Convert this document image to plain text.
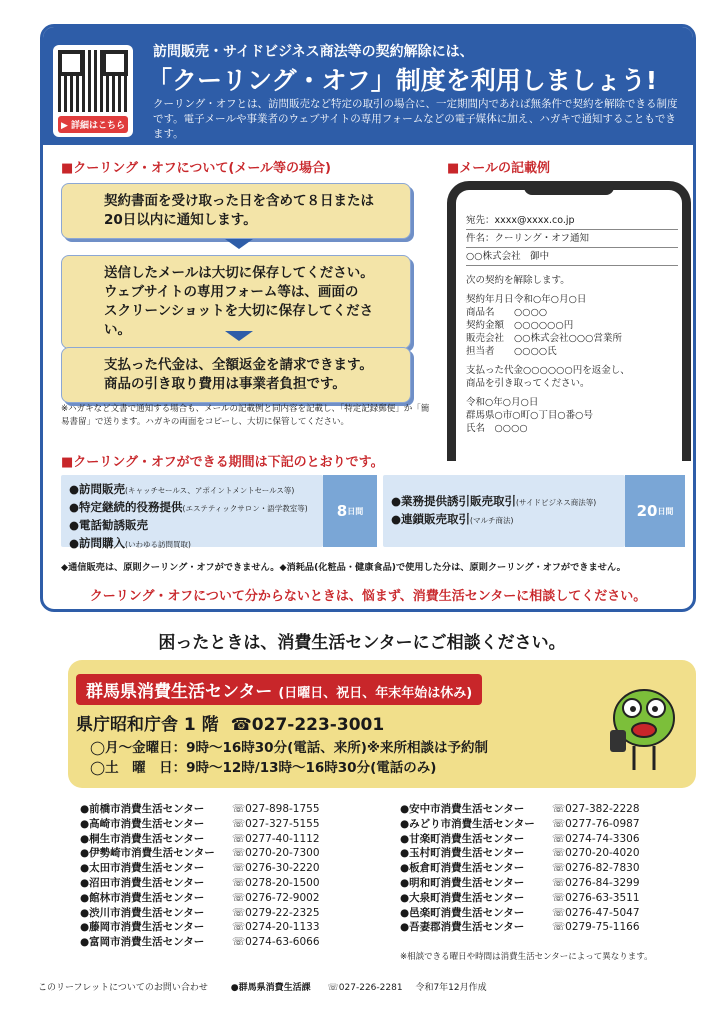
▶ 詳細はこちら
訪問販売・サイドビジネス商法等の契約解除には、
「クーリング・オフ」制度を利用しましょう!
クーリング・オフとは、訪問販売など特定の取引の場合に、一定期間内であれば無条件で契約を解除できる制度です。電子メールや事業者のウェブサイトの専用フォームなどの電子媒体に加え、ハガキで通知することもできます。
■クーリング・オフについて(メール等の場合)
契約書面を受け取った日を含めて８日または
20日以内に通知します。
送信したメールは大切に保存してください。
ウェブサイトの専用フォーム等は、画面の
スクリーンショットを大切に保存してください。
支払った代金は、全額返金を請求できます。
商品の引き取り費用は事業者負担です。
※ハガキなど文書で通知する場合も、メールの記載例と同内容を記載し、「特定記録郵便」か「簡易書留」で送ります。ハガキの両面をコピーし、大切に保管してください。
■メールの記載例
宛先：xxxx@xxxx.co.jp
件名：クーリング・オフ通知
○○株式会社　御中
次の契約を解除します。
契約年月日 令和○年○月○日
商品名	○○○○
契約金額	○○○○○○円
販売会社	○○株式会社○○○営業所
担当者	○○○○氏
支払った代金○○○○○○円を返金し、
商品を引き取ってください。
令和○年○月○日
群馬県○市○町○丁目○番○号
氏名　○○○○
■クーリング・オフができる期間は下記のとおりです。
●訪問販売(キャッチセールス、アポイントメントセールス等)
●特定継続的役務提供(エステティックサロン・語学教室等)
●電話勧誘販売
●訪問購入(いわゆる訪問買取)
8 日間
●業務提供誘引販売取引(サイドビジネス商法等)
●連鎖販売取引(マルチ商法)
20 日間
◆通信販売は、原則クーリング・オフができません。◆消耗品(化粧品・健康食品)で使用した分は、原則クーリング・オフができません。
クーリング・オフについて分からないときは、悩まず、消費生活センターに相談してください。
困ったときは、消費生活センターにご相談ください。
群馬県消費生活センター (日曜日、祝日、年末年始は休み)
県庁昭和庁舎 1 階 ☎027-223-3001
◯月～金曜日：9時～16時30分(電話、来所)※来所相談は予約制
◯土　曜　日：9時～12時/13時～16時30分(電話のみ)
●前橋市消費生活センター	☏ 027-898-1755
●高崎市消費生活センター	☏ 027-327-5155
●桐生市消費生活センター	☏ 0277-40-1112
●伊勢崎市消費生活センター	☏ 0270-20-7300
●太田市消費生活センター	☏ 0276-30-2220
●沼田市消費生活センター	☏ 0278-20-1500
●館林市消費生活センター	☏ 0276-72-9002
●渋川市消費生活センター	☏ 0279-22-2325
●藤岡市消費生活センター	☏ 0274-20-1133
●富岡市消費生活センター	☏ 0274-63-6066
●安中市消費生活センター	☏ 027-382-2228
●みどり市消費生活センター	☏ 0277-76-0987
●甘楽町消費生活センター	☏ 0274-74-3306
●玉村町消費生活センター	☏ 0270-20-4020
●板倉町消費生活センター	☏ 0276-82-7830
●明和町消費生活センター	☏ 0276-84-3299
●大泉町消費生活センター	☏ 0276-63-3511
●邑楽町消費生活センター	☏ 0276-47-5047
●吾妻郡消費生活センター	☏ 0279-75-1166
※相談できる曜日や時間は消費生活センターによって異なります。
このリーフレットについてのお問い合わせ	●群馬県消費生活課 ☏027-226-2281 令和7年12月作成
